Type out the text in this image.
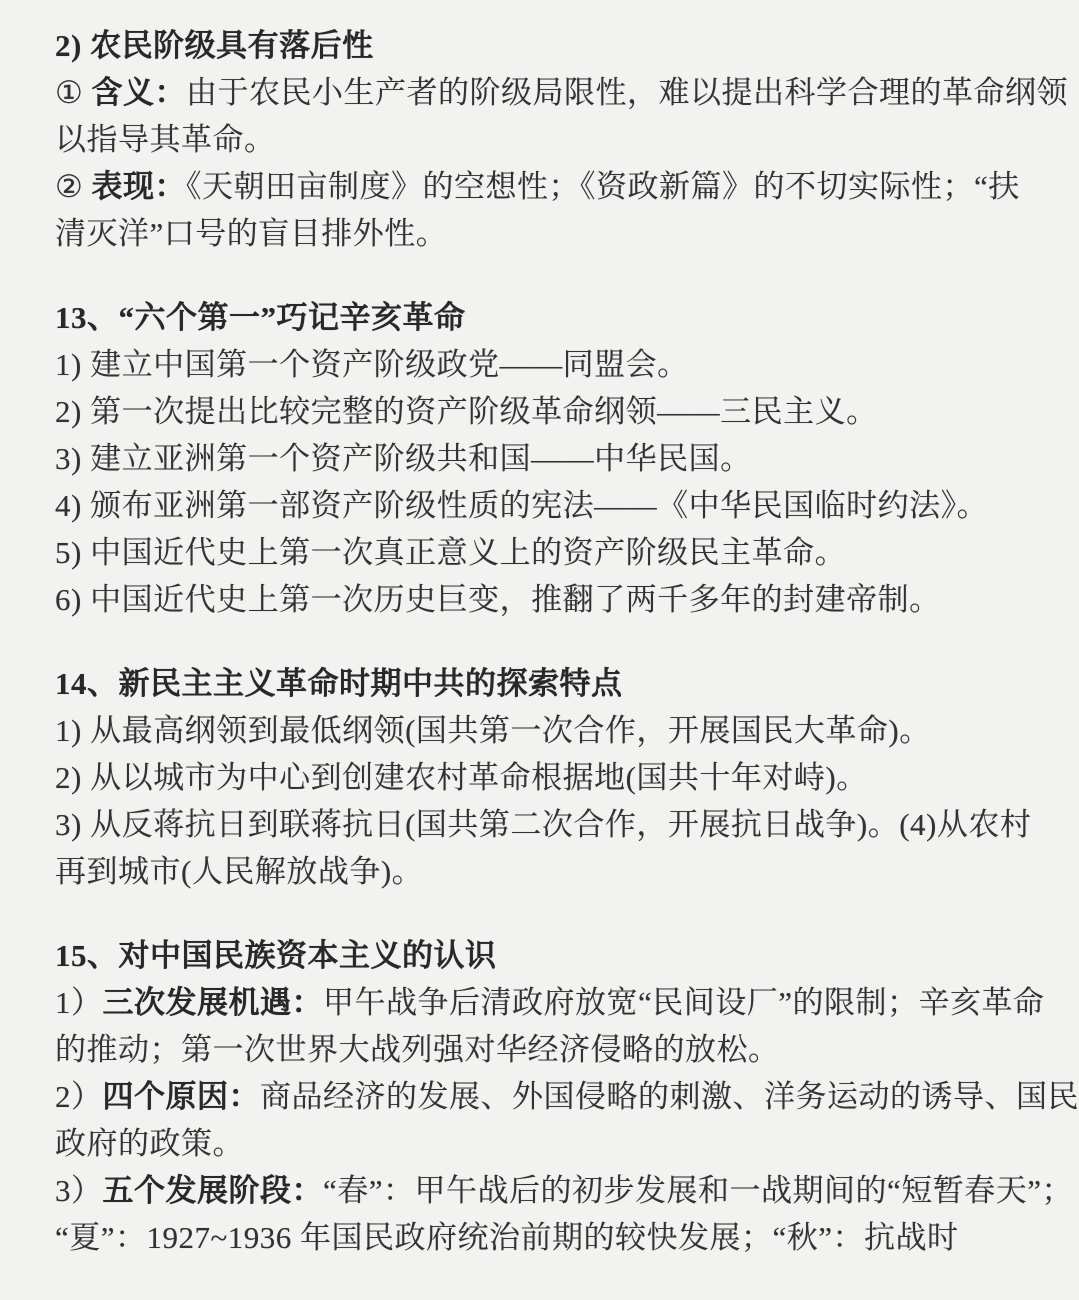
2) 农民阶级具有落后性
① 含义：由于农民小生产者的阶级局限性，难以提出科学合理的革命纲领
以指导其革命。
② 表现：《天朝田亩制度》的空想性；《资政新篇》的不切实际性；“扶
清灭洋”口号的盲目排外性。
13、“六个第一”巧记辛亥革命
1) 建立中国第一个资产阶级政党——同盟会。
2) 第一次提出比较完整的资产阶级革命纲领——三民主义。
3) 建立亚洲第一个资产阶级共和国——中华民国。
4) 颁布亚洲第一部资产阶级性质的宪法——《中华民国临时约法》。
5) 中国近代史上第一次真正意义上的资产阶级民主革命。
6) 中国近代史上第一次历史巨变，推翻了两千多年的封建帝制。
14、新民主主义革命时期中共的探索特点
1) 从最高纲领到最低纲领(国共第一次合作，开展国民大革命)。
2) 从以城市为中心到创建农村革命根据地(国共十年对峙)。
3) 从反蒋抗日到联蒋抗日(国共第二次合作，开展抗日战争)。(4)从农村
再到城市(人民解放战争)。
15、对中国民族资本主义的认识
1）三次发展机遇：甲午战争后清政府放宽“民间设厂”的限制；辛亥革命
的推动；第一次世界大战列强对华经济侵略的放松。
2）四个原因：商品经济的发展、外国侵略的刺激、洋务运动的诱导、国民
政府的政策。
3）五个发展阶段：“春”：甲午战后的初步发展和一战期间的“短暂春天”；
“夏”：1927~1936 年国民政府统治前期的较快发展；“秋”：抗战时
